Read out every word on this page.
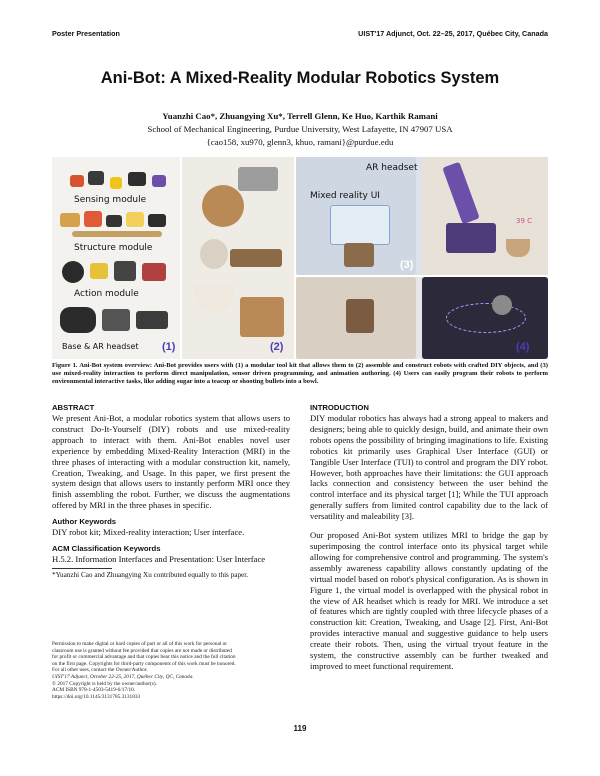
Poster Presentation	UIST'17 Adjunct, Oct. 22–25, 2017, Québec City, Canada
Ani-Bot: A Mixed-Reality Modular Robotics System
Yuanzhi Cao*, Zhuangying Xu*, Terrell Glenn, Ke Huo, Karthik Ramani
School of Mechanical Engineering, Purdue University, West Lafayette, IN 47907 USA
{cao158, xu970, glenn3, khuo, ramani}@purdue.edu
Sensing module
Structure module
Action module
Base & AR headset (1)	(2)
AR headset
Mixed reality UI
39 C
(3)
(4)
Figure 1. Ani-Bot system overview: Ani-Bot provides users with (1) a modular tool kit that allows them to (2) assemble and construct robots with crafted DIY objects, and (3) use mixed-reality interaction to perform direct manipulation, sensor driven programming, and animation authoring. (4) Users can easily program their robots to perform environmental interactive tasks, like adding sugar into a teacup or shooting bullets into a bowl.
ABSTRACT
We present Ani-Bot, a modular robotics system that allows users to construct Do-It-Yourself (DIY) robots and use mixed-reality approach to interact with them. Ani-Bot enables novel user experience by embedding Mixed-Reality Interaction (MRI) in the three phases of interacting with a modular construction kit, namely, Creation, Tweaking, and Usage. In this paper, we first present the system design that allows users to instantly perform MRI once they finish assembling the robot. Further, we discuss the augmentations offered by MRI in the three phases in specific.
Author Keywords
DIY robot kit; Mixed-reality interaction; User interface.
ACM Classification Keywords
H.5.2. Information Interfaces and Presentation: User Interface
*Yuanzhi Cao and Zhuangying Xu contributed equally to this paper.
Permission to make digital or hard copies of part or all of this work for personal or
classroom use is granted without fee provided that copies are not made or distributed
for profit or commercial advantage and that copies bear this notice and the full citation
on the first page. Copyrights for third-party components of this work must be honored.
For all other uses, contact the Owner/Author.
UIST'17 Adjunct, October 22-25, 2017, Québec City, QC, Canada.
© 2017 Copyright is held by the owner/author(s).
ACM ISBN 978-1-4503-5419-6/17/10.
https://doi.org/10.1145/3131785.3131833
INTRODUCTION
DIY modular robotics has always had a strong appeal to makers and designers; being able to quickly design, build, and animate their own robots opens the possibility of bringing imaginations to life. Existing robotics kit primarily uses Graphical User Interface (GUI) or Tangible User Interface (TUI) to control and program the DIY robot. However, both approaches have their limitations: the GUI approach lacks connection and consistency between the user behind the control interface and its physical target [1]; While the TUI approach generally suffers from limited control capability due to the lack of versatility and maleability [3].
Our proposed Ani-Bot system utilizes MRI to bridge the gap by superimposing the control interface onto its physical target while allowing for comprehensive control and programming. The system's assembly awareness capability allows constantly updating of the virtual model based on robot's physical configuration. As is shown in Figure 1, the virtual model is overlapped with the physical robot in the view of AR headset which is ready for MRI. We introduce a set of features which are tightly coupled with three lifecycle phases of a construction kit: Creation, Tweaking, and Usage [2]. First, Ani-Bot provides interactive manual and suggestive guidance to help users create their robots. Then, using the virtual tryout feature in the system, the constructive assembly can be further tweaked and improved to meet functional requirement.
119
